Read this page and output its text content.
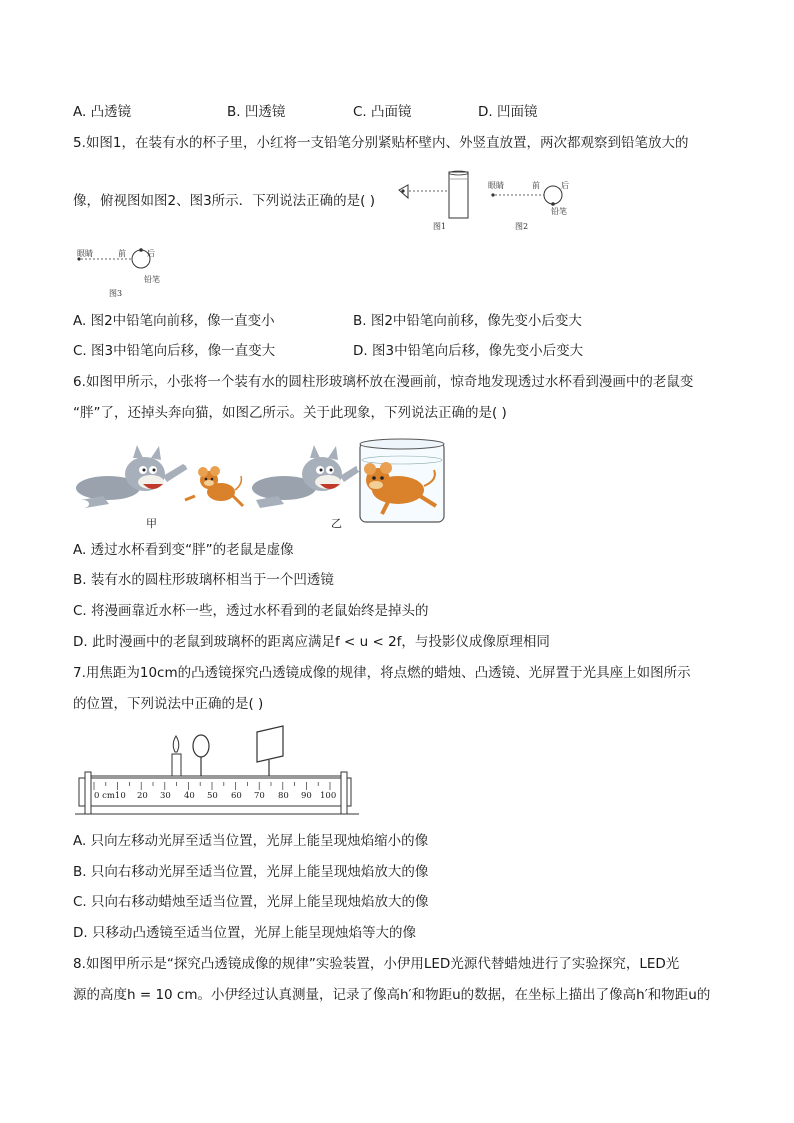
A. 凸透镜	B. 凹透镜	C. 凸面镜	D. 凹面镜
5.如图1，在装有水的杯子里，小红将一支铅笔分别紧贴杯壁内、外竖直放置，两次都观察到铅笔放大的
像，俯视图如图2、图3所示．下列说法正确的是( )
图1
眼睛	前	后
铅笔
图2
眼睛	前	后
铅笔
图3
A. 图2中铅笔向前移，像一直变小	B. 图2中铅笔向前移，像先变小后变大
C. 图3中铅笔向后移，像一直变大	D. 图3中铅笔向后移，像先变小后变大
6.如图甲所示，小张将一个装有水的圆柱形玻璃杯放在漫画前，惊奇地发现透过水杯看到漫画中的老鼠变
“胖”了，还掉头奔向猫，如图乙所示。关于此现象，下列说法正确的是( )
甲	乙
A. 透过水杯看到变“胖”的老鼠是虚像
B. 装有水的圆柱形玻璃杯相当于一个凹透镜
C. 将漫画靠近水杯一些，透过水杯看到的老鼠始终是掉头的
D. 此时漫画中的老鼠到玻璃杯的距离应满足f < u < 2f，与投影仪成像原理相同
7.用焦距为10cm的凸透镜探究凸透镜成像的规律，将点燃的蜡烛、凸透镜、光屏置于光具座上如图所示
的位置，下列说法中正确的是( )
0 cm10 20 30 40 50 60 70 80 90 100
A. 只向左移动光屏至适当位置，光屏上能呈现烛焰缩小的像
B. 只向右移动光屏至适当位置，光屏上能呈现烛焰放大的像
C. 只向右移动蜡烛至适当位置，光屏上能呈现烛焰放大的像
D. 只移动凸透镜至适当位置，光屏上能呈现烛焰等大的像
8.如图甲所示是“探究凸透镜成像的规律”实验装置，小伊用LED光源代替蜡烛进行了实验探究，LED光
源的高度h = 10 cm。小伊经过认真测量，记录了像高h′和物距u的数据，在坐标上描出了像高h′和物距u的
